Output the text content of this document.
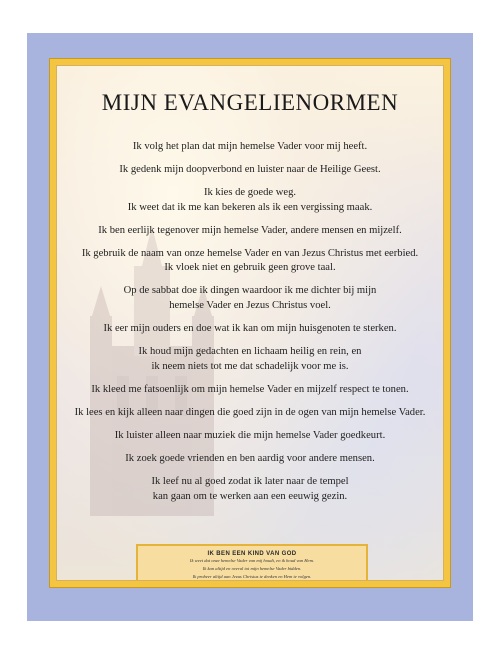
MIJN EVANGELIENORMEN
Ik volg het plan dat mijn hemelse Vader voor mij heeft.
Ik gedenk mijn doopverbond en luister naar de Heilige Geest.
Ik kies de goede weg.
Ik weet dat ik me kan bekeren als ik een vergissing maak.
Ik ben eerlijk tegenover mijn hemelse Vader, andere mensen en mijzelf.
Ik gebruik de naam van onze hemelse Vader en van Jezus Christus met eerbied.
Ik vloek niet en gebruik geen grove taal.
Op de sabbat doe ik dingen waardoor ik me dichter bij mijn
hemelse Vader en Jezus Christus voel.
Ik eer mijn ouders en doe wat ik kan om mijn huisgenoten te sterken.
Ik houd mijn gedachten en lichaam heilig en rein, en
ik neem niets tot me dat schadelijk voor me is.
Ik kleed me fatsoenlijk om mijn hemelse Vader en mijzelf respect te tonen.
Ik lees en kijk alleen naar dingen die goed zijn in de ogen van mijn hemelse Vader.
Ik luister alleen naar muziek die mijn hemelse Vader goedkeurt.
Ik zoek goede vrienden en ben aardig voor andere mensen.
Ik leef nu al goed zodat ik later naar de tempel
kan gaan om te werken aan een eeuwig gezin.
IK BEN EEN KIND VAN GOD
Ik weet dat onze hemelse Vader van mij houdt, en ik houd van Hem.
Ik kan altijd en overal tot mijn hemelse Vader bidden.
Ik probeer altijd aan Jezus Christus te denken en Hem te volgen.
